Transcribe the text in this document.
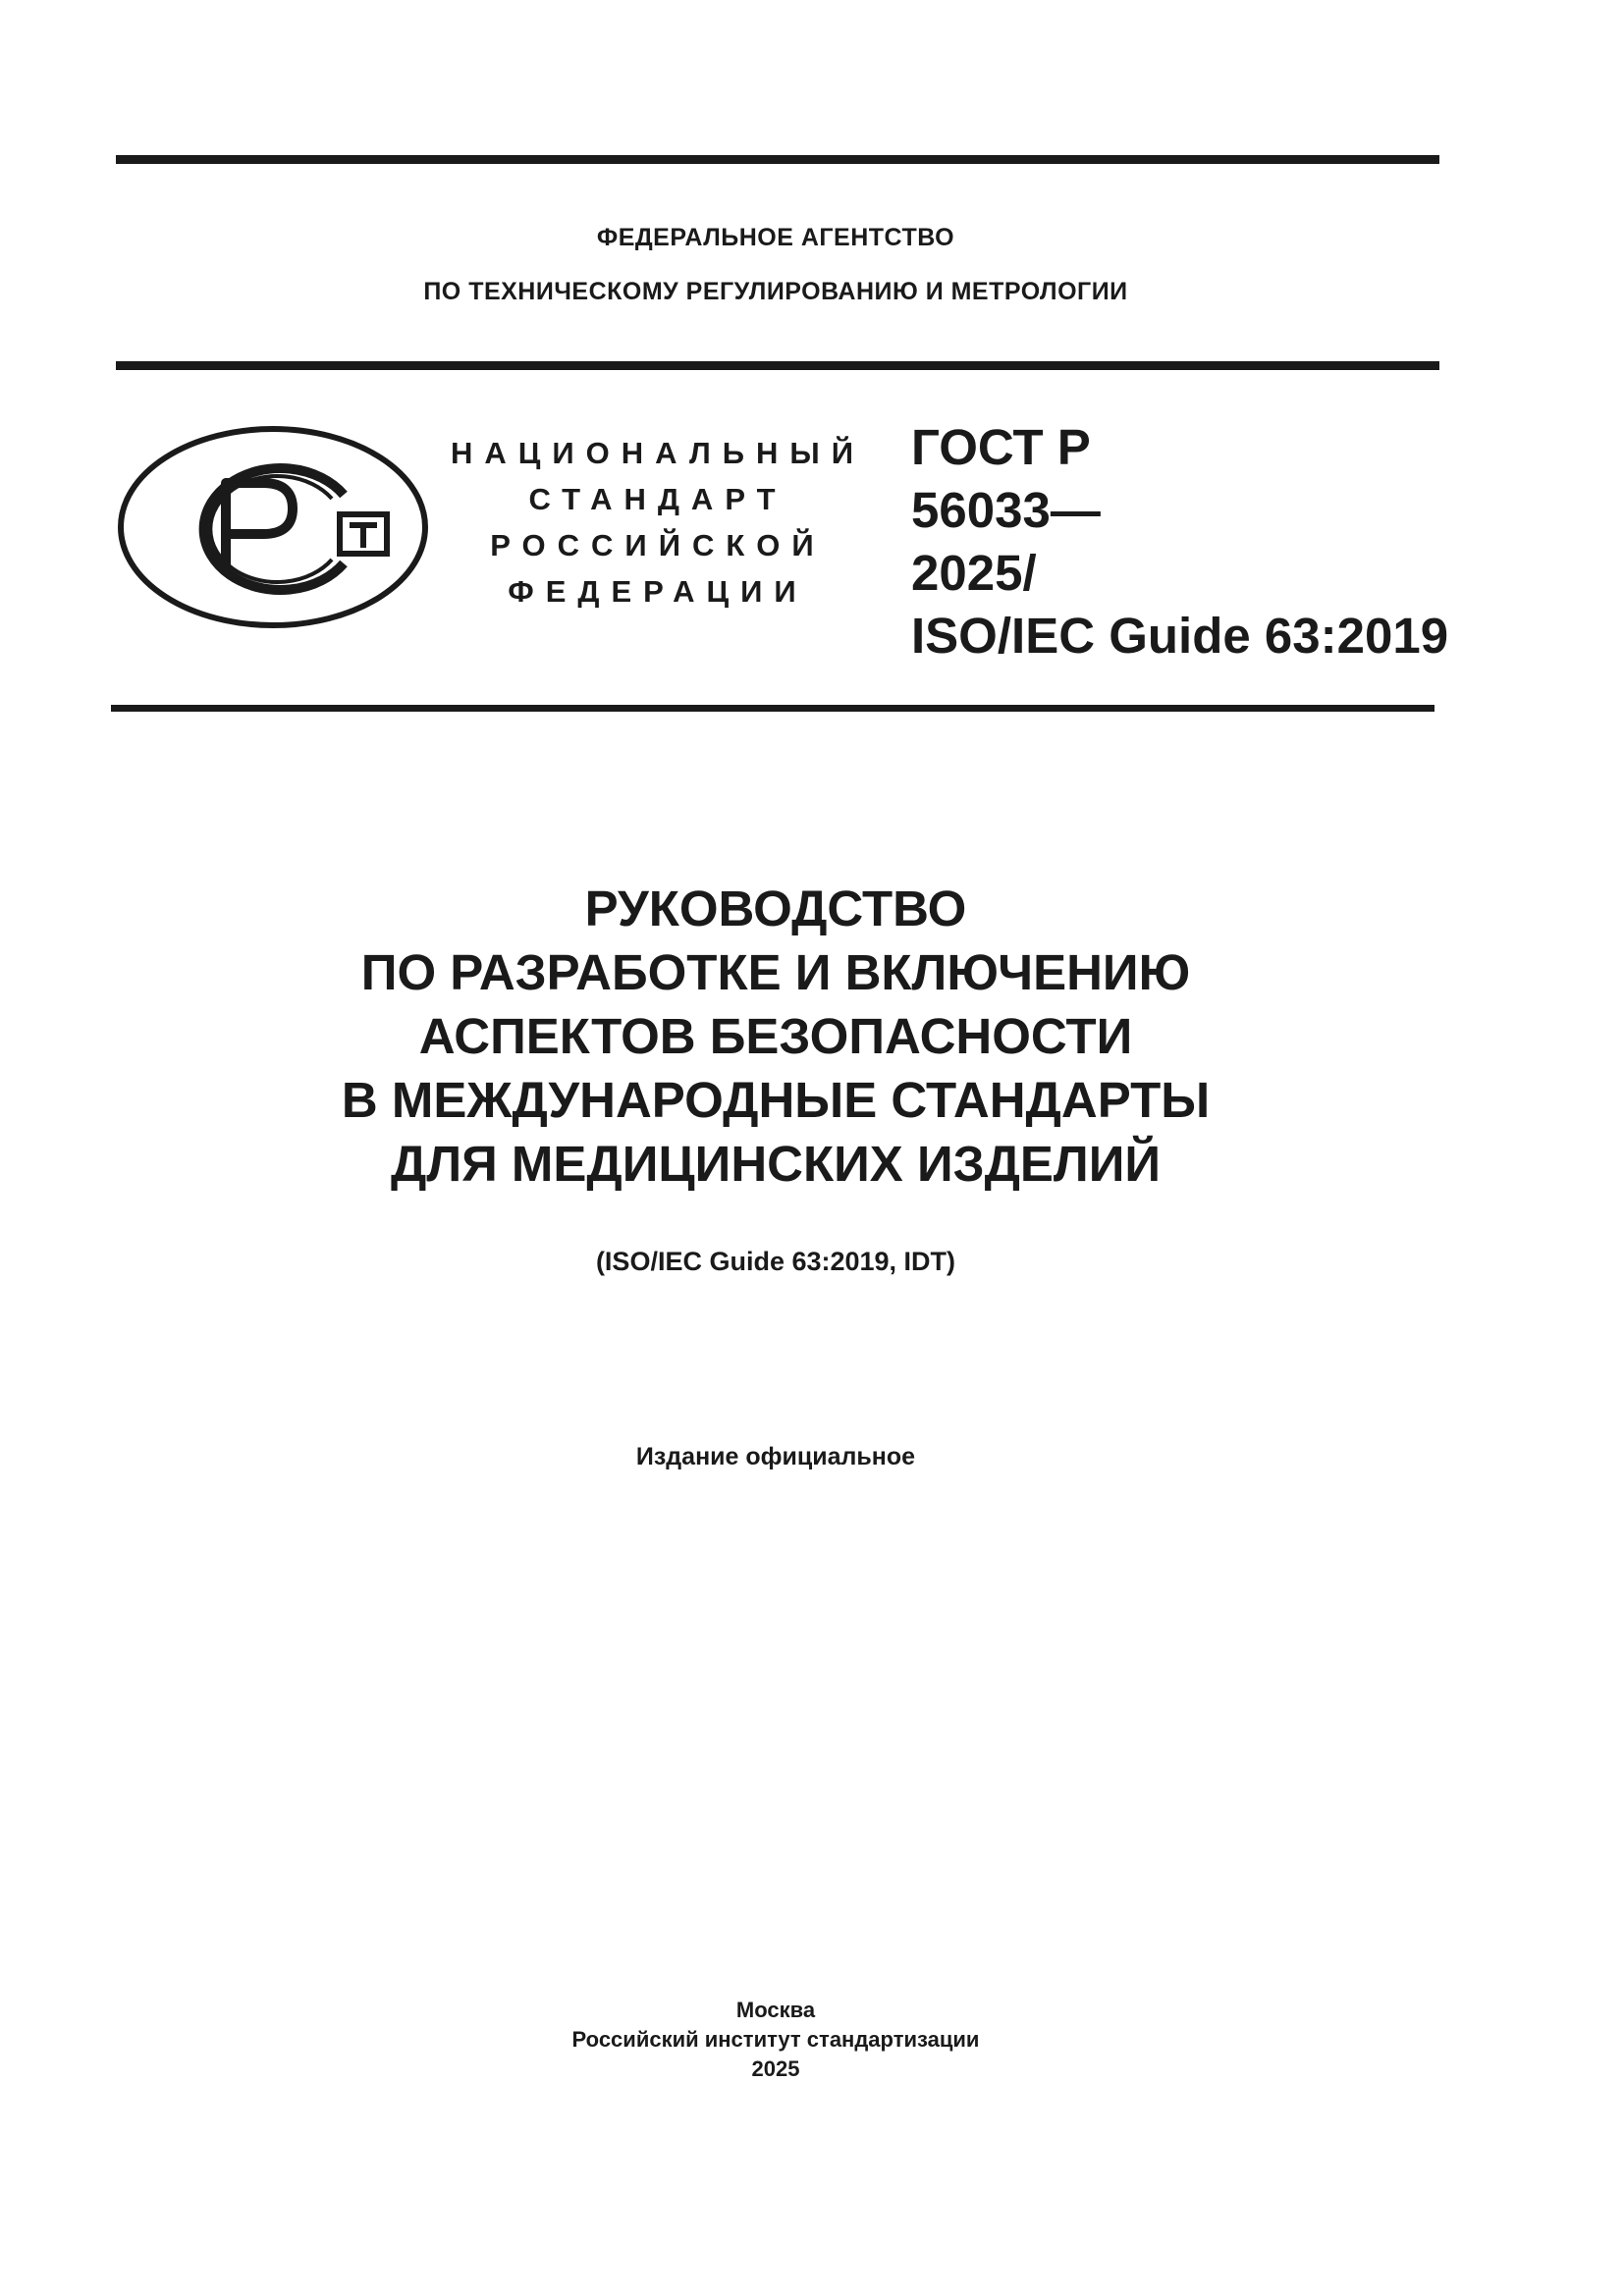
ФЕДЕРАЛЬНОЕ АГЕНТСТВО
ПО ТЕХНИЧЕСКОМУ РЕГУЛИРОВАНИЮ И МЕТРОЛОГИИ
НАЦИОНАЛЬНЫЙ
СТАНДАРТ
РОССИЙСКОЙ
ФЕДЕРАЦИИ
ГОСТ Р
56033—
2025/
ISO/IEC Guide 63:2019
РУКОВОДСТВО
ПО РАЗРАБОТКЕ И ВКЛЮЧЕНИЮ
АСПЕКТОВ БЕЗОПАСНОСТИ
В МЕЖДУНАРОДНЫЕ СТАНДАРТЫ
ДЛЯ МЕДИЦИНСКИХ ИЗДЕЛИЙ
(ISO/IEC Guide 63:2019, IDT)
Издание официальное
Москва
Российский институт стандартизации
2025
